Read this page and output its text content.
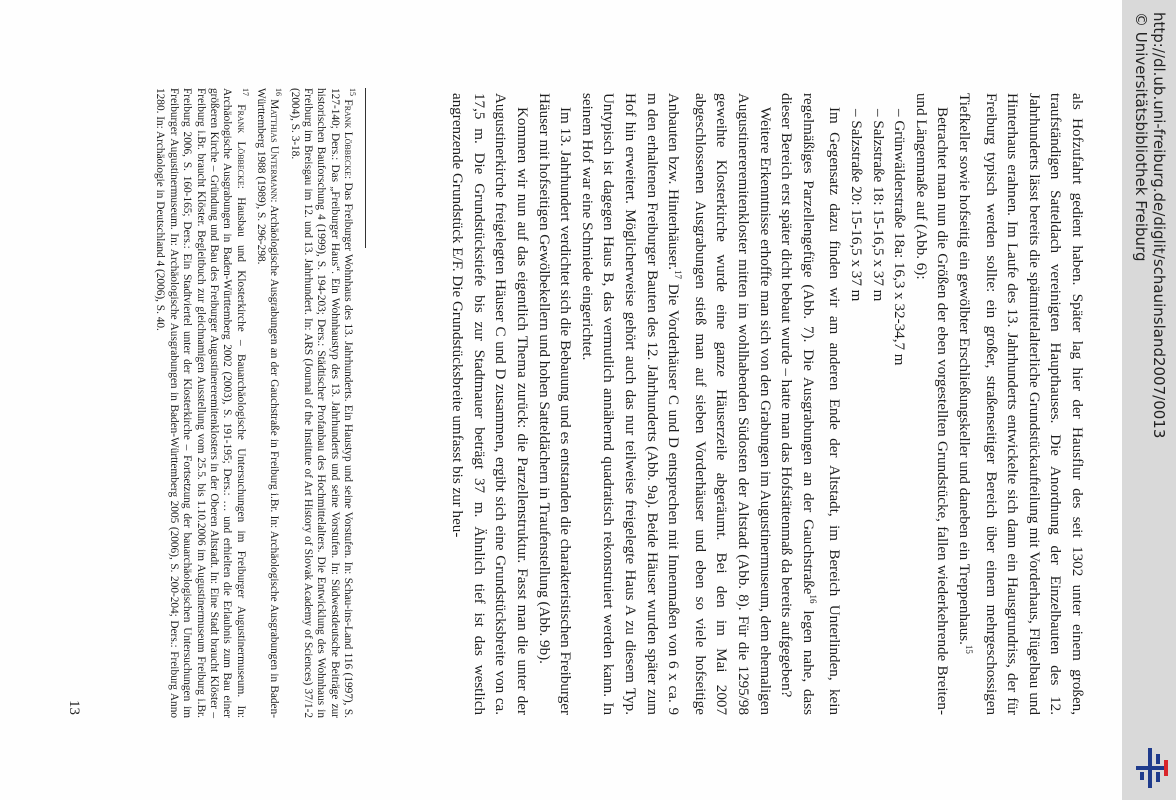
als Hofzufahrt gedient haben. Später lag hier der Hausflur des seit 1302 unter einem großen, traufständigen Satteldach vereinigten Haupthauses. Die Anordnung der Einzelbauten des 12. Jahrhunderts lässt bereits die spätmittelalterliche Grundstückaufteilung mit Vorderhaus, Flügelbau und Hinterhaus erahnen. Im Laufe des 13. Jahrhunderts entwickelte sich dann ein Hausgrundriss, der für Freiburg typisch werden sollte: ein großer, straßenseitiger Bereich über einem mehrgeschossigen Tiefkeller sowie hofseitig ein gewölbter Erschließungskeller und daneben ein Treppenhaus.$^{15}$

Betrachtet man nun die Größen der eben vorgestellten Grundstücke, fallen wiederkehrende Breiten- und Längenmaße auf (Abb. 6):

– Grünwälderstraße 18a: 16,3 x 32-34,7 m
– Salzstraße 18: 15-16,5 x 37 m
– Salzstraße 20: 15-16,5 x 37 m

Im Gegensatz dazu finden wir am anderen Ende der Altstadt, im Bereich Unterlinden, kein regelmäßiges Parzellengefüge (Abb. 7). Die Ausgrabungen an der Gauchstraße$^{16}$ legen nahe, dass dieser Bereich erst später dicht bebaut wurde – hatte man das Hofstättenmaß da bereits aufgegeben?

Weitere Erkenntnisse erhoffte man sich von den Grabungen im Augustinermuseum, dem ehemaligen Augustinereremitenkloster mitten im wohlhabenden Südosten der Altstadt (Abb. 8). Für die 1295/98 geweihte Klosterkirche wurde eine ganze Häuserzeile abgeräumt. Bei den im Mai 2007 abgeschlossenen Ausgrabungen stieß man auf sieben Vorderhäuser und eben so viele hofseitige Anbauten bzw. Hinterhäuser.$^{17}$ Die Vorderhäuser C und D entsprechen mit Innenmaßen von 6 x ca. 9 m den erhaltenen Freiburger Bauten des 12. Jahrhunderts (Abb. 9a). Beide Häuser wurden später zum Hof hin erweitert. Möglicherweise gehört auch das nur teilweise freigelegte Haus A zu diesem Typ. Untypisch ist dagegen Haus B, das vermutlich annähernd quadratisch rekonstruiert werden kann. In seinem Hof war eine Schmiede eingerichtet.

Im 13. Jahrhundert verdichtet sich die Bebauung und es entstanden die charakteristischen Freiburger Häuser mit hofseitigen Gewölbekellern und hohen Satteldächern in Traufenstellung (Abb. 9b).

Kommen wir nun auf das eigentlich Thema zurück: die Parzellenstruktur. Fasst man die unter der Augustinerkirche freigelegten Häuser C und D zusammen, ergibt sich eine Grundstücksbreite von ca. 17,5 m. Die Grundstückstiefe bis zur Stadtmauer beträgt 37 m. Ähnlich tief ist das westlich angrenzende Grundstück E/F. Die Grundstücksbreite umfasst bis zur heu-

$^{15}$ Frank Löbbecke: Das Freiburger Wohnhaus des 13. Jahrhunderts. Ein Haustyp und seine Vorstufen. In: Schau-ins-Land 116 (1997), S. 127-140; Ders.: Das „Freiburger Haus“. Ein Wohnhaustyp des 13. Jahrhunderts und seine Vorstufen. In: Südwestdeutsche Beiträge zur historischen Bauforschung 4 (1999), S. 194-203; Ders.: Städtischer Profanbau des Hochmittelalters. Die Entwicklung des Wohnhaus in Freiburg im Breisgau im 12. und 13. Jahrhundert. In: ARS (Journal of the Institute of Art History of Slovak Academy of Sciences) 37/1-2 (2004), S. 3-18.

$^{16}$ Matthias Untermann: Archäologische Ausgrabungen an der Gauchstraße in Freiburg i.Br. In: Archäologische Ausgrabungen in Baden-Württemberg 1988 (1989), S. 296-298.

$^{17}$ Frank Löbbecke: Hausbau und Klosterkirche – Bauarchäologische Untersuchungen im Freiburger Augustinermuseum. In: Archäologische Ausgrabungen in Baden-Württemberg 2002 (2003), S. 191-195; Ders.: … und erhielten die Erlaubnis zum Bau einer größeren Kirche – Gründung und Bau des Freiburger Augustinereremitenklosters in der Oberen Altstadt. In: Eine Stadt braucht Klöster – Freiburg i.Br. braucht Klöster. Begleitbuch zur gleichnamigen Ausstellung vom 25.5. bis 1.10.2006 im Augustinermuseum Freiburg i.Br. Freiburg 2006, S. 160-165; Ders.: Ein Stadtviertel unter der Klosterkirche – Fortsetzung der bauarchäologischen Untersuchungen im Freiburger Augustinermuseum. In: Archäologische Ausgrabungen in Baden-Württemberg 2005 (2006), S. 200-204; Ders.: Freiburg Anno 1280. In: Archäologie in Deutschland 4 (2006), S. 40.

13
http://dl.ub.uni-freiburg.de/diglit/schauinsland2007/0013
© Universitätsbibliothek Freiburg
